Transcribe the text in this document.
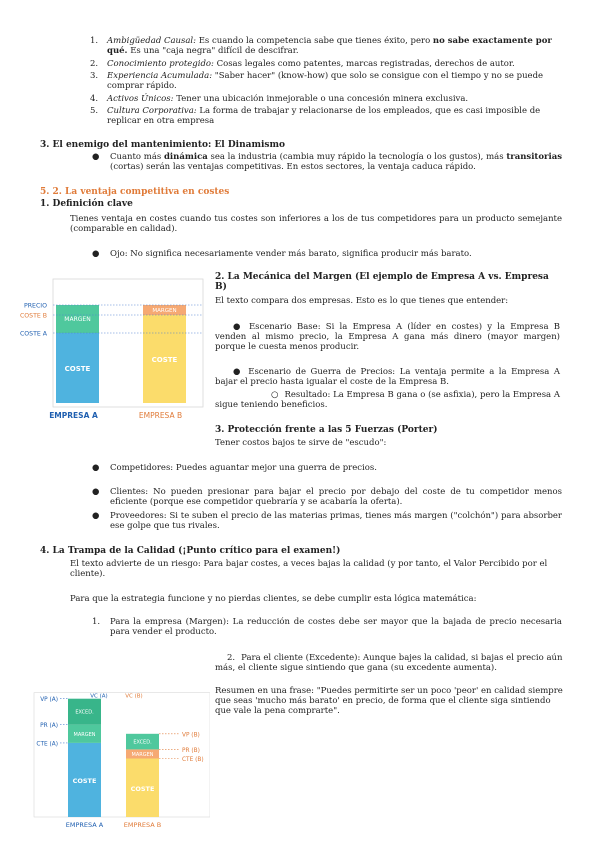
1. Ambigüedad Causal: Es cuando la competencia sabe que tienes éxito, pero no sabe exactamente por qué. Es una "caja negra" difícil de descifrar.
2. Conocimiento protegido: Cosas legales como patentes, marcas registradas, derechos de autor.
3. Experiencia Acumulada: "Saber hacer" (know-how) que solo se consigue con el tiempo y no se puede comprar rápido.
4. Activos Únicos: Tener una ubicación inmejorable o una concesión minera exclusiva.
5. Cultura Corporativa: La forma de trabajar y relacionarse de los empleados, que es casi imposible de replicar en otra empresa
3. El enemigo del mantenimiento: El Dinamismo
● Cuanto más dinámica sea la industria (cambia muy rápido la tecnología o los gustos), más transitorias (cortas) serán las ventajas competitivas. En estos sectores, la ventaja caduca rápido.
5. 2. La ventaja competitiva en costes
1. Definición clave
Tienes ventaja en costes cuando tus costes son inferiores a los de tus competidores para un producto semejante (comparable en calidad).
● Ojo: No significa necesariamente vender más barato, significa producir más barato.
PRECIO
COSTE B
COSTE A
COSTE
MARGEN
COSTE
MARGEN
EMPRESA A	EMPRESA B
2. La Mecánica del Margen (El ejemplo de Empresa A vs. Empresa B)
El texto compara dos empresas. Esto es lo que tienes que entender:
● Escenario Base: Si la Empresa A (líder en costes) y la Empresa B venden al mismo precio, la Empresa A gana más dinero (mayor margen) porque le cuesta menos producir.
● Escenario de Guerra de Precios: La ventaja permite a la Empresa A bajar el precio hasta igualar el coste de la Empresa B.
○ Resultado: La Empresa B gana o (se asfixia), pero la Empresa A sigue teniendo beneficios.
3. Protección frente a las 5 Fuerzas (Porter)
Tener costos bajos te sirve de "escudo":
● Competidores: Puedes aguantar mejor una guerra de precios.
● Clientes: No pueden presionar para bajar el precio por debajo del coste de tu competidor menos eficiente (porque ese competidor quebraría y se acabaría la oferta).
● Proveedores: Si te suben el precio de las materias primas, tienes más margen ("colchón") para absorber ese golpe que tus rivales.
4. La Trampa de la Calidad (¡Punto crítico para el examen!)
El texto advierte de un riesgo: Para bajar costes, a veces bajas la calidad (y por tanto, el Valor Percibido por el cliente).
Para que la estrategia funcione y no pierdas clientes, se debe cumplir esta lógica matemática:
1. Para la empresa (Margen): La reducción de costes debe ser mayor que la bajada de precio necesaria para vender el producto.
VP (A)
PR (A)
CTE (A)
VP (B)
PR (B)
CTE (B)
VC (A)	VC (B)
EXCED.
MARGEN
COSTE
EXCED.
MARGEN
COSTE
EMPRESA A	EMPRESA B
2. Para el cliente (Excedente): Aunque bajes la calidad, si bajas el precio aún más, el cliente sigue sintiendo que gana (su excedente aumenta).
Resumen en una frase: "Puedes permitirte ser un poco 'peor' en calidad siempre que seas 'mucho más barato' en precio, de forma que el cliente siga sintiendo que vale la pena comprarte".
